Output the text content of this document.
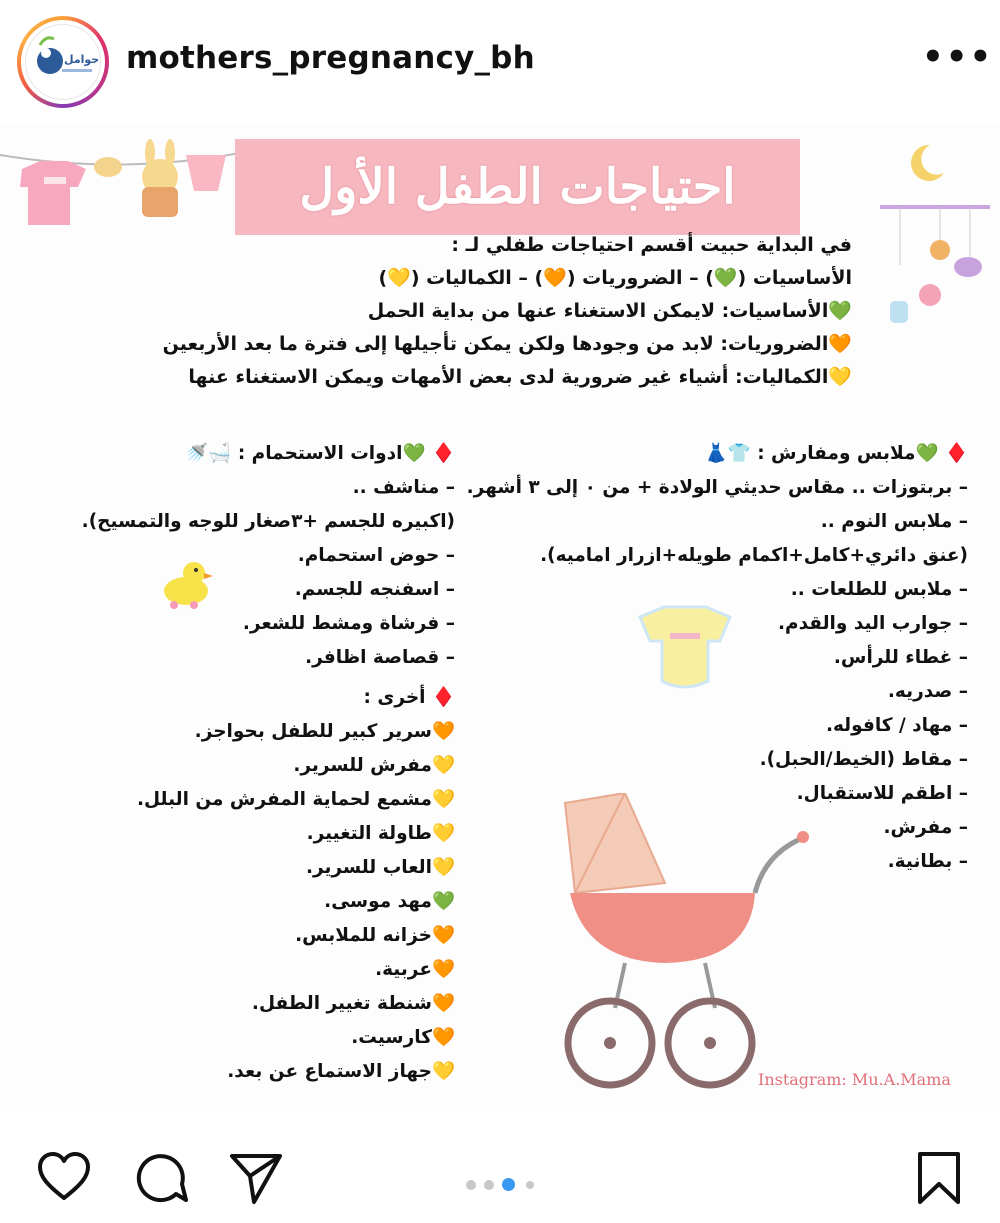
حوامل mothers_pregnancy_bh	•••
احتياجات الطفل الأول

في البداية حبيت أقسم احتياجات طفلي لـ :

الأساسيات (💚) – الضروريات (🧡) – الكماليات (💛)

💚الأساسيات: لايمكن الاستغناء عنها من بداية الحمل

🧡الضروريات: لابد من وجودها ولكن يمكن تأجيلها إلى فترة ما بعد الأربعين

💛الكماليات: أشياء غير ضرورية لدى بعض الأمهات ويمكن الاستغناء عنها

♦️ 💚ملابس ومفارش : 👕👗

– بربتوزات .. مقاس حديثي الولادة + من ٠ إلى ٣ أشهر.

– ملابس النوم ..

(عنق دائري+كامل+اكمام طويله+ازرار اماميه).

– ملابس للطلعات ..

– جوارب اليد والقدم.

– غطاء للرأس.

– صدريه.

– مهاد / كافوله.

– مقاط (الخيط/الحبل).

– اطقم للاستقبال.

– مفرش.

– بطانية.

♦️ 💚ادوات الاستحمام : 🛁🚿

– مناشف ..

(اكبيره للجسم +٣صغار للوجه والتمسيح).

– حوض استحمام.

– اسفنجه للجسم.

– فرشاة ومشط للشعر.

– قصاصة اظافر.

♦️ أخرى :

🧡سرير كبير للطفل بحواجز.

💛مفرش للسرير.

💛مشمع لحماية المفرش من البلل.

💛طاولة التغيير.

💛العاب للسرير.

💚مهد موسى.

🧡خزانه للملابس.

🧡عربية.

🧡شنطة تغيير الطفل.

🧡كارسيت.

💛جهاز الاستماع عن بعد.	Instagram: Mu.A.Mama
